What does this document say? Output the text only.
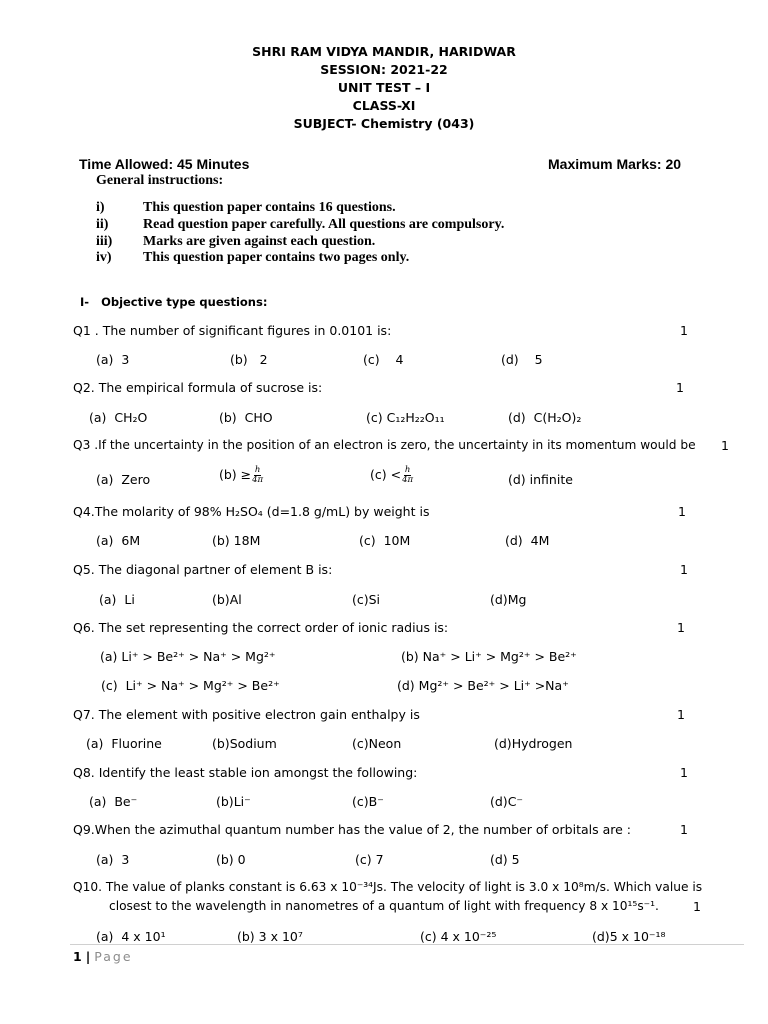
SHRI RAM VIDYA MANDIR, HARIDWAR
SESSION: 2021-22
UNIT TEST – I
CLASS-XI
SUBJECT- Chemistry (043)
Time Allowed: 45 Minutes	Maximum Marks: 20
General instructions:
i)	This question paper contains 16 questions.
ii) Read question paper carefully. All questions are compulsory.
iii) Marks are given against each question.
iv) This question paper contains two pages only.
I-   Objective type questions:
Q1 . The number of significant figures in 0.0101 is:	1
(a)  3	(b)   2	(c)    4	(d)    5
Q2. The empirical formula of sucrose is:	1
(a)  CH₂O	(b)  CHO	(c) C₁₂H₂₂O₁₁	(d)  C(H₂O)₂
Q3 .If the uncertainty in the position of an electron is zero, the uncertainty in its momentum would be 1
(a)  Zero	$(b) \ge \frac{h}{4\pi}$	$(c) < \frac{h}{4\pi}$	(d) infinite
Q4.The molarity of 98% H₂SO₄ (d=1.8 g/mL) by weight is	1
(a)  6M	(b) 18M	(c)  10M	(d)  4M
Q5. The diagonal partner of element B is:	1
(a)  Li	(b)Al	(c)Si	(d)Mg
Q6. The set representing the correct order of ionic radius is:	1
(a) Li⁺ > Be²⁺ > Na⁺ > Mg²⁺	(b) Na⁺ > Li⁺ > Mg²⁺ > Be²⁺
(c)  Li⁺ > Na⁺ > Mg²⁺ > Be²⁺	(d) Mg²⁺ > Be²⁺ > Li⁺ >Na⁺
Q7. The element with positive electron gain enthalpy is	1
(a)  Fluorine	(b)Sodium	(c)Neon	(d)Hydrogen
Q8. Identify the least stable ion amongst the following:	1
(a)  Be⁻	(b)Li⁻	(c)B⁻	(d)C⁻
Q9.When the azimuthal quantum number has the value of 2, the number of orbitals are :	1
(a)  3	(b) 0	(c) 7	(d) 5
Q10. The value of planks constant is 6.63 x 10⁻³⁴Js. The velocity of light is 3.0 x 10⁸m/s. Which value is
closest to the wavelength in nanometres of a quantum of light with frequency 8 x 10¹⁵s⁻¹.	1
(a)  4 x 10¹	(b) 3 x 10⁷	(c) 4 x 10⁻²⁵	(d)5 x 10⁻¹⁸
1 | Page
